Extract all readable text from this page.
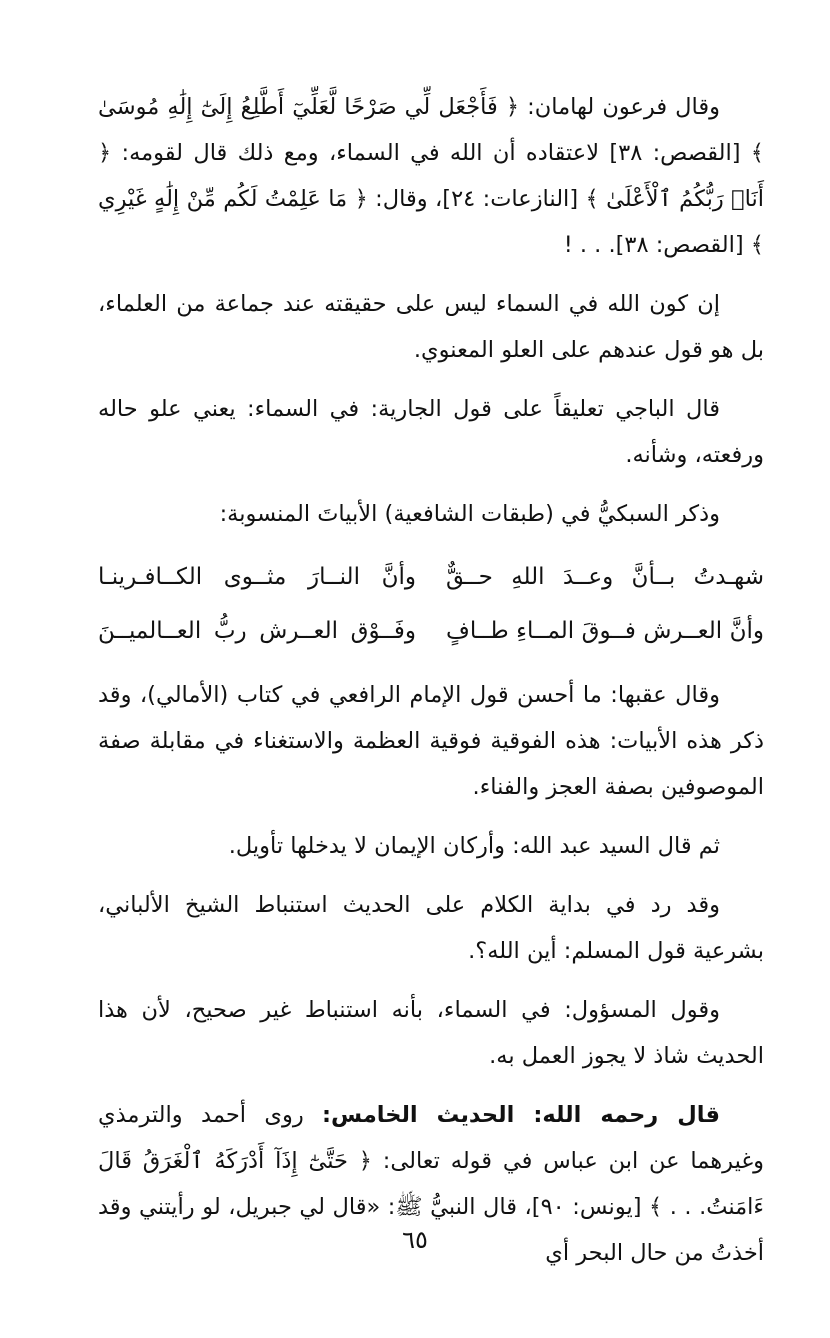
وقال فرعون لهامان: ﴿ فَأَجْعَل لِّي صَرْحًا لَّعَلِّيٓ أَطَّلِعُ إِلَىٰٓ إِلَٰهِ مُوسَىٰ ﴾ [القصص: ٣٨] لاعتقاده أن الله في السماء، ومع ذلك قال لقومه: ﴿ أَنَا۠ رَبُّكُمُ ٱلْأَعْلَىٰ ﴾ [النازعات: ٢٤]، وقال: ﴿ مَا عَلِمْتُ لَكُم مِّنْ إِلَٰهٍ غَيْرِي ﴾ [القصص: ٣٨]. . . !

إن كون الله في السماء ليس على حقيقته عند جماعة من العلماء، بل هو قول عندهم على العلو المعنوي.

قال الباجي تعليقاً على قول الجارية: في السماء: يعني علو حاله ورفعته، وشأنه.

وذكر السبكيُّ في (طبقات الشافعية) الأبياتَ المنسوبة:

شهـدتُ بــأنَّ وعــدَ اللهِ حــقٌّ
وأنَّ النــارَ مثــوى الكــافـرينـا
وأنَّ العــرش فــوقَ المــاءِ طــافٍ
وفَــوْق العــرش ربُّ العــالميــنَ

وقال عقبها: ما أحسن قول الإمام الرافعي في كتاب (الأمالي)، وقد ذكر هذه الأبيات: هذه الفوقية فوقية العظمة والاستغناء في مقابلة صفة الموصوفين بصفة العجز والفناء.

ثم قال السيد عبد الله: وأركان الإيمان لا يدخلها تأويل.

وقد رد في بداية الكلام على الحديث استنباط الشيخ الألباني، بشرعية قول المسلم: أين الله؟.

وقول المسؤول: في السماء، بأنه استنباط غير صحيح، لأن هذا الحديث شاذ لا يجوز العمل به.

قال رحمه الله: الحديث الخامس: روى أحمد والترمذي وغيرهما عن ابن عباس في قوله تعالى: ﴿ حَتَّىٰٓ إِذَآ أَدْرَكَهُ ٱلْغَرَقُ قَالَ ءَامَنتُ. . . ﴾ [يونس: ٩٠]، قال النبيُّ ﷺ: «قال لي جبريل، لو رأيتني وقد أخذتُ من حال البحر أي

٦٥
